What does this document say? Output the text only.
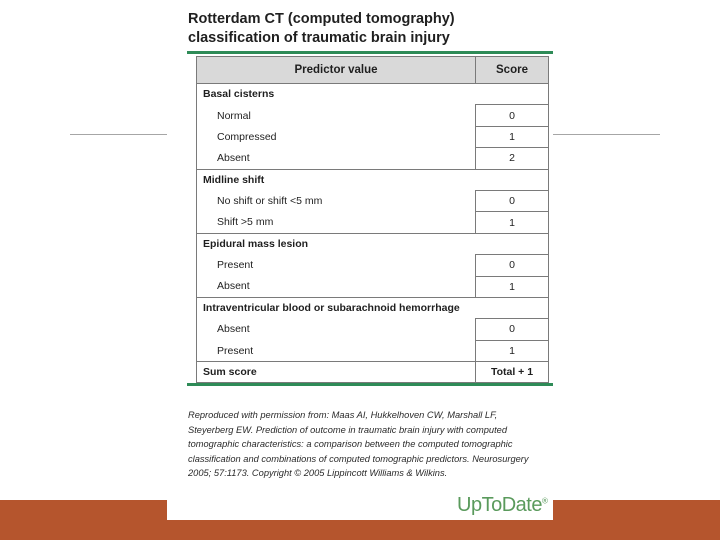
Rotterdam CT (computed tomography)
classification of traumatic brain injury
Predictor value	Score
Basal cisterns	
Normal	0
Compressed	1
Absent	2
Midline shift	
No shift or shift <5 mm	0
Shift >5 mm	1
Epidural mass lesion	
Present	0
Absent	1
Intraventricular blood or subarachnoid hemorrhage	
Absent	0
Present	1
Sum score	Total + 1
Reproduced with permission from: Maas AI, Hukkelhoven CW, Marshall LF, Steyerberg EW. Prediction of outcome in traumatic brain injury with computed tomographic characteristics: a comparison between the computed tomographic classification and combinations of computed tomographic predictors. Neurosurgery 2005; 57:1173. Copyright © 2005 Lippincott Williams & Wilkins.
UpToDate®
